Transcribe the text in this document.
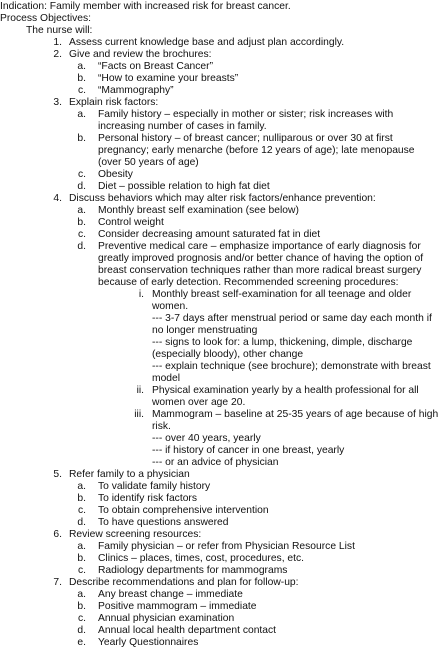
Indication: Family member with increased risk for breast cancer.
Process Objectives:
The nurse will:
1. Assess current knowledge base and adjust plan accordingly.
2. Give and review the brochures:
a. “Facts on Breast Cancer”
b. “How to examine your breasts”
c. “Mammography”
3. Explain risk factors:
a. Family history – especially in mother or sister; risk increases with increasing number of cases in family.
b. Personal history – of breast cancer; nulliparous or over 30 at first pregnancy; early menarche (before 12 years of age); late menopause (over 50 years of age)
c. Obesity
d. Diet – possible relation to high fat diet
4. Discuss behaviors which may alter risk factors/enhance prevention:
a. Monthly breast self examination (see below)
b. Control weight
c. Consider decreasing amount saturated fat in diet
d. Preventive medical care – emphasize importance of early diagnosis for greatly improved prognosis and/or better chance of having the option of breast conservation techniques rather than more radical breast surgery because of early detection. Recommended screening procedures:
i. Monthly breast self-examination for all teenage and older women.
--- 3-7 days after menstrual period or same day each month if no longer menstruating
--- signs to look for: a lump, thickening, dimple, discharge (especially bloody), other change
--- explain technique (see brochure); demonstrate with breast model
ii. Physical examination yearly by a health professional for all women over age 20.
iii. Mammogram – baseline at 25-35 years of age because of high risk.
--- over 40 years, yearly
--- if history of cancer in one breast, yearly
--- or an advice of physician
5. Refer family to a physician
a. To validate family history
b. To identify risk factors
c. To obtain comprehensive intervention
d. To have questions answered
6. Review screening resources:
a. Family physician – or refer from Physician Resource List
b. Clinics – places, times, cost, procedures, etc.
c. Radiology departments for mammograms
7. Describe recommendations and plan for follow-up:
a. Any breast change – immediate
b. Positive mammogram – immediate
c. Annual physician examination
d. Annual local health department contact
e. Yearly Questionnaires
